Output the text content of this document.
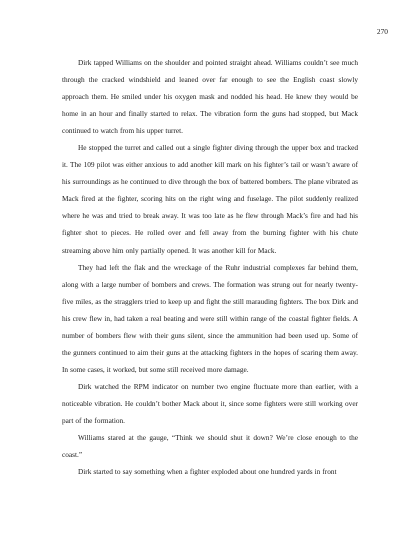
270

Dirk tapped Williams on the shoulder and pointed straight ahead. Williams couldn’t see much through the cracked windshield and leaned over far enough to see the English coast slowly approach them. He smiled under his oxygen mask and nodded his head. He knew they would be home in an hour and finally started to relax. The vibration form the guns had stopped, but Mack continued to watch from his upper turret.

He stopped the turret and called out a single fighter diving through the upper box and tracked it. The 109 pilot was either anxious to add another kill mark on his fighter’s tail or wasn’t aware of his surroundings as he continued to dive through the box of battered bombers. The plane vibrated as Mack fired at the fighter, scoring hits on the right wing and fuselage. The pilot suddenly realized where he was and tried to break away. It was too late as he flew through Mack’s fire and had his fighter shot to pieces. He rolled over and fell away from the burning fighter with his chute streaming above him only partially opened. It was another kill for Mack.

They had left the flak and the wreckage of the Ruhr industrial complexes far behind them, along with a large number of bombers and crews. The formation was strung out for nearly twenty-five miles, as the stragglers tried to keep up and fight the still marauding fighters. The box Dirk and his crew flew in, had taken a real beating and were still within range of the coastal fighter fields. A number of bombers flew with their guns silent, since the ammunition had been used up. Some of the gunners continued to aim their guns at the attacking fighters in the hopes of scaring them away. In some cases, it worked, but some still received more damage.

Dirk watched the RPM indicator on number two engine fluctuate more than earlier, with a noticeable vibration. He couldn’t bother Mack about it, since some fighters were still working over part of the formation.

Williams stared at the gauge, “Think we should shut it down? We’re close enough to the coast.”

Dirk started to say something when a fighter exploded about one hundred yards in front
